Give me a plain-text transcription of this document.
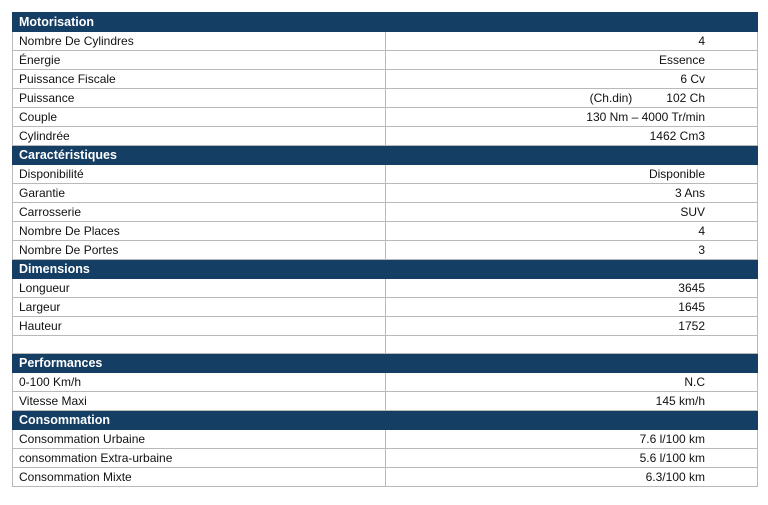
Motorisation	
Nombre De Cylindres	4
Énergie	Essence
Puissance Fiscale	6 Cv
Puissance	(Ch.din) 102 Ch
Couple	130 Nm – 4000 Tr/min
Cylindrée	1462 Cm3
Caractéristiques	
Disponibilité	Disponible
Garantie	3 Ans
Carrosserie	SUV
Nombre De Places	4
Nombre De Portes	3
Dimensions	
Longueur	3645
Largeur	1645
Hauteur	1752

Performances	
0-100 Km/h	N.C
Vitesse Maxi	145 km/h
Consommation	
Consommation Urbaine	7.6 l/100 km
consommation Extra-urbaine	5.6 l/100 km
Consommation Mixte	6.3/100 km
